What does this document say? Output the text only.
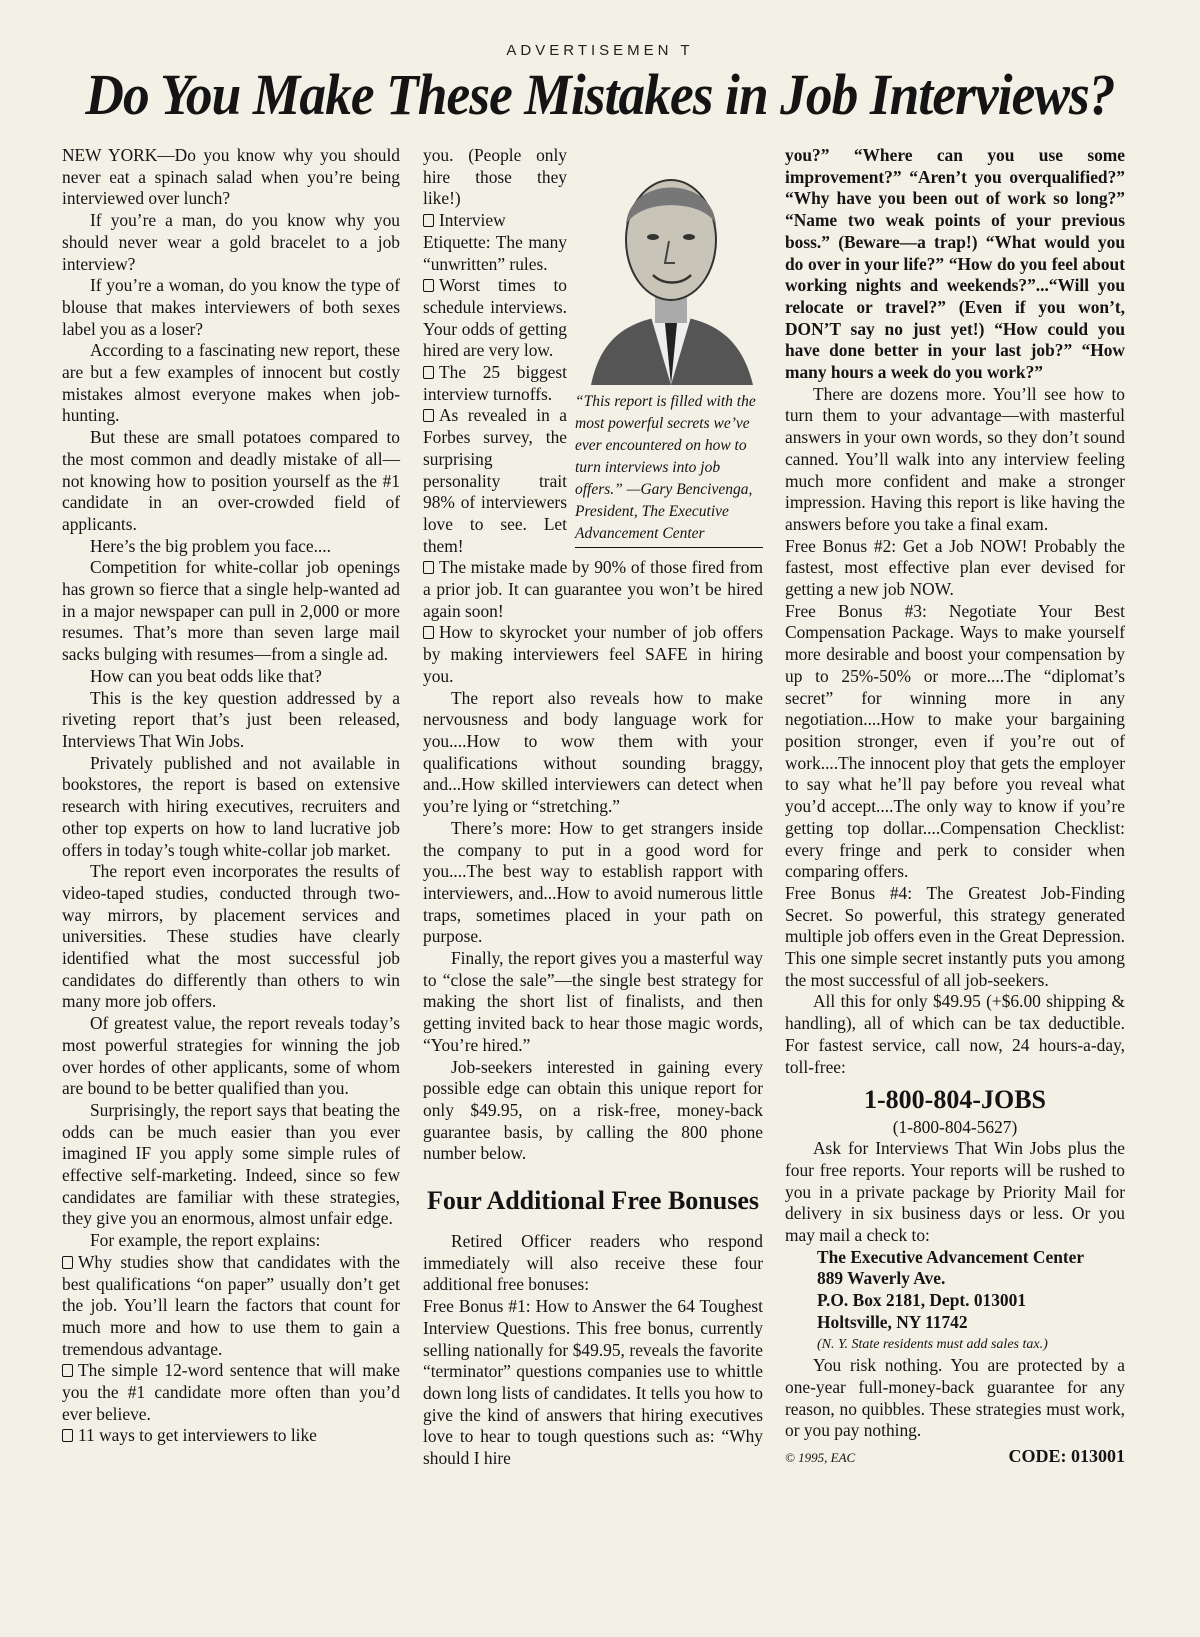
ADVERTISEMEN T
Do You Make These Mistakes in Job Interviews?

NEW YORK—Do you know why you should never eat a spinach salad when you’re being interviewed over lunch?

If you’re a man, do you know why you should never wear a gold bracelet to a job interview?

If you’re a woman, do you know the type of blouse that makes interviewers of both sexes label you as a loser?

According to a fascinating new report, these are but a few examples of innocent but costly mistakes almost everyone makes when job-hunting.

But these are small potatoes compared to the most common and deadly mistake of all—not knowing how to position yourself as the #1 candidate in an over-crowded field of applicants.

Here’s the big problem you face....

Competition for white-collar job openings has grown so fierce that a single help-wanted ad in a major newspaper can pull in 2,000 or more resumes. That’s more than seven large mail sacks bulging with resumes—from a single ad.

How can you beat odds like that?

This is the key question addressed by a riveting report that’s just been released, Interviews That Win Jobs.

Privately published and not available in bookstores, the report is based on extensive research with hiring executives, recruiters and other top experts on how to land lucrative job offers in today’s tough white-collar job market.

The report even incorporates the results of video-taped studies, conducted through two-way mirrors, by placement services and universities. These studies have clearly identified what the most successful job candidates do differently than others to win many more job offers.

Of greatest value, the report reveals today’s most powerful strategies for winning the job over hordes of other applicants, some of whom are bound to be better qualified than you.

Surprisingly, the report says that beating the odds can be much easier than you ever imagined IF you apply some simple rules of effective self-marketing. Indeed, since so few candidates are familiar with these strategies, they give you an enormous, almost unfair edge.

For example, the report explains:

Why studies show that candidates with the best qualifications “on paper” usually don’t get the job. You’ll learn the factors that count for much more and how to use them to gain a tremendous advantage.

The simple 12-word sentence that will make you the #1 candidate more often than you’d ever believe.

11 ways to get interviewers to like

“This report is filled with the most powerful secrets we’ve ever encountered on how to turn interviews into job offers.” —Gary Bencivenga, President, The Executive Advancement Center

you. (People only hire those they like!)

Interview Etiquette: The many “unwritten” rules.

Worst times to schedule interviews. Your odds of getting hired are very low.

The 25 biggest interview turnoffs.

As revealed in a Forbes survey, the surprising personality trait 98% of interviewers love to see. Let them!

The mistake made by 90% of those fired from a prior job. It can guarantee you won’t be hired again soon!

How to skyrocket your number of job offers by making interviewers feel SAFE in hiring you.

The report also reveals how to make nervousness and body language work for you....How to wow them with your qualifications without sounding braggy, and...How skilled interviewers can detect when you’re lying or “stretching.”

There’s more: How to get strangers inside the company to put in a good word for you....The best way to establish rapport with interviewers, and...How to avoid numerous little traps, sometimes placed in your path on purpose.

Finally, the report gives you a masterful way to “close the sale”—the single best strategy for making the short list of finalists, and then getting invited back to hear those magic words, “You’re hired.”

Job-seekers interested in gaining every possible edge can obtain this unique report for only $49.95, on a risk-free, money-back guarantee basis, by calling the 800 phone number below.

Four Additional Free Bonuses

Retired Officer readers who respond immediately will also receive these four additional free bonuses:

Free Bonus #1: How to Answer the 64 Toughest Interview Questions. This free bonus, currently selling nationally for $49.95, reveals the favorite “terminator” questions companies use to whittle down long lists of candidates. It tells you how to give the kind of answers that hiring executives love to hear to tough questions such as: “Why should I hire

you?” “Where can you use some improvement?” “Aren’t you overqualified?” “Why have you been out of work so long?” “Name two weak points of your previous boss.” (Beware—a trap!) “What would you do over in your life?” “How do you feel about working nights and weekends?”...“Will you relocate or travel?” (Even if you won’t, DON’T say no just yet!) “How could you have done better in your last job?” “How many hours a week do you work?”

There are dozens more. You’ll see how to turn them to your advantage—with masterful answers in your own words, so they don’t sound canned. You’ll walk into any interview feeling much more confident and make a stronger impression. Having this report is like having the answers before you take a final exam.

Free Bonus #2: Get a Job NOW! Probably the fastest, most effective plan ever devised for getting a new job NOW.

Free Bonus #3: Negotiate Your Best Compensation Package. Ways to make yourself more desirable and boost your compensation by up to 25%-50% or more....The “diplomat’s secret” for winning more in any negotiation....How to make your bargaining position stronger, even if you’re out of work....The innocent ploy that gets the employer to say what he’ll pay before you reveal what you’d accept....The only way to know if you’re getting top dollar....Compensation Checklist: every fringe and perk to consider when comparing offers.

Free Bonus #4: The Greatest Job-Finding Secret. So powerful, this strategy generated multiple job offers even in the Great Depression. This one simple secret instantly puts you among the most successful of all job-seekers.

All this for only $49.95 (+$6.00 shipping & handling), all of which can be tax deductible. For fastest service, call now, 24 hours-a-day, toll-free:

1-800-804-JOBS
(1-800-804-5627)

Ask for Interviews That Win Jobs plus the four free reports. Your reports will be rushed to you in a private package by Priority Mail for delivery in six business days or less. Or you may mail a check to:

The Executive Advancement Center
889 Waverly Ave.
P.O. Box 2181, Dept. 013001
Holtsville, NY 11742
(N. Y. State residents must add sales tax.)

You risk nothing. You are protected by a one-year full-money-back guarantee for any reason, no quibbles. These strategies must work, or you pay nothing.

© 1995, EAC	CODE: 013001
